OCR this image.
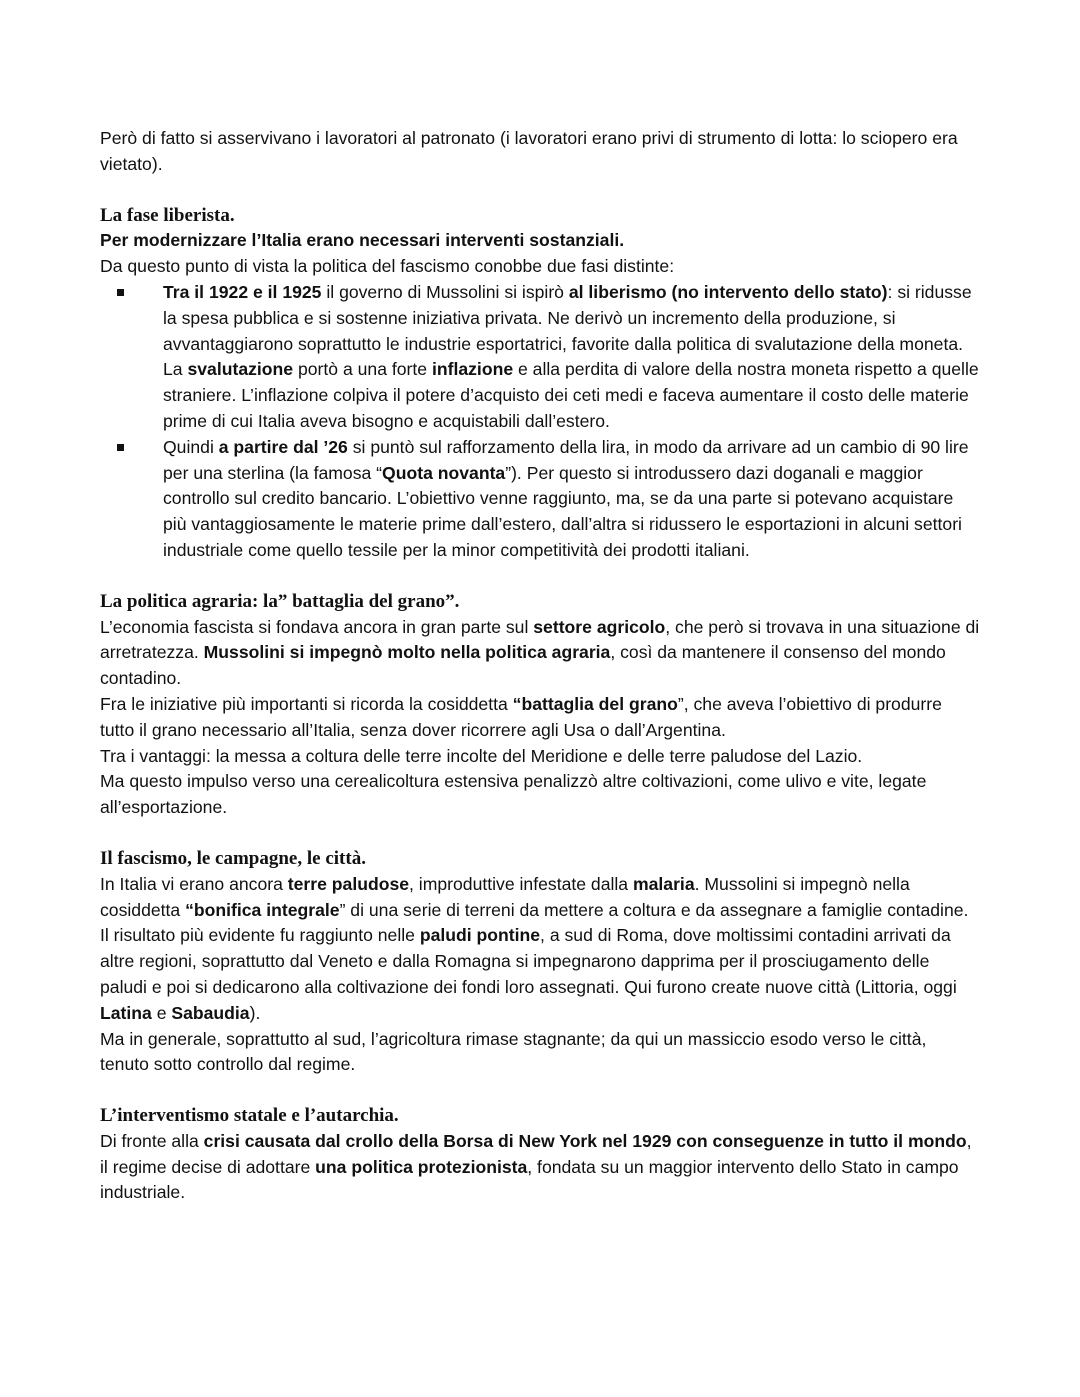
Però di fatto si asservivano i lavoratori al patronato (i lavoratori erano privi di strumento di lotta: lo sciopero era vietato).

La fase liberista.

Per modernizzare l’Italia erano necessari interventi sostanziali.

Da questo punto di vista la politica del fascismo conobbe due fasi distinte:

Tra il 1922 e il 1925 il governo di Mussolini si ispirò al liberismo (no intervento dello stato): si ridusse la spesa pubblica e si sostenne iniziativa privata. Ne derivò un incremento della produzione, si avvantaggiarono soprattutto le industrie esportatrici, favorite dalla politica di svalutazione della moneta. La svalutazione portò a una forte inflazione e alla perdita di valore della nostra moneta rispetto a quelle straniere. L’inflazione colpiva il potere d’acquisto dei ceti medi e faceva aumentare il costo delle materie prime di cui Italia aveva bisogno e acquistabili dall’estero.
Quindi a partire dal ’26 si puntò sul rafforzamento della lira, in modo da arrivare ad un cambio di 90 lire per una sterlina (la famosa “Quota novanta”). Per questo si introdussero dazi doganali e maggior controllo sul credito bancario. L’obiettivo venne raggiunto, ma, se da una parte si potevano acquistare più vantaggiosamente le materie prime dall’estero, dall’altra si ridussero le esportazioni in alcuni settori industriale come quello tessile per la minor competitività dei prodotti italiani.

La politica agraria: la” battaglia del grano”.

L’economia fascista si fondava ancora in gran parte sul settore agricolo, che però si trovava in una situazione di arretratezza. Mussolini si impegnò molto nella politica agraria, così da mantenere il consenso del mondo contadino.

Fra le iniziative più importanti si ricorda la cosiddetta “battaglia del grano”, che aveva l’obiettivo di produrre tutto il grano necessario all’Italia, senza dover ricorrere agli Usa o dall’Argentina.

Tra i vantaggi: la messa a coltura delle terre incolte del Meridione e delle terre paludose del Lazio.

Ma questo impulso verso una cerealicoltura estensiva penalizzò altre coltivazioni, come ulivo e vite, legate all’esportazione.

Il fascismo, le campagne, le città.

In Italia vi erano ancora terre paludose, improduttive infestate dalla malaria. Mussolini si impegnò nella cosiddetta “bonifica integrale” di una serie di terreni da mettere a coltura e da assegnare a famiglie contadine.

Il risultato più evidente fu raggiunto nelle paludi pontine, a sud di Roma, dove moltissimi contadini arrivati da altre regioni, soprattutto dal Veneto e dalla Romagna si impegnarono dapprima per il prosciugamento delle paludi e poi si dedicarono alla coltivazione dei fondi loro assegnati. Qui furono create nuove città (Littoria, oggi Latina e Sabaudia).

Ma in generale, soprattutto al sud, l’agricoltura rimase stagnante; da qui un massiccio esodo verso le città, tenuto sotto controllo dal regime.

L’interventismo statale e l’autarchia.

Di fronte alla crisi causata dal crollo della Borsa di New York nel 1929 con conseguenze in tutto il mondo, il regime decise di adottare una politica protezionista, fondata su un maggior intervento dello Stato in campo industriale.
